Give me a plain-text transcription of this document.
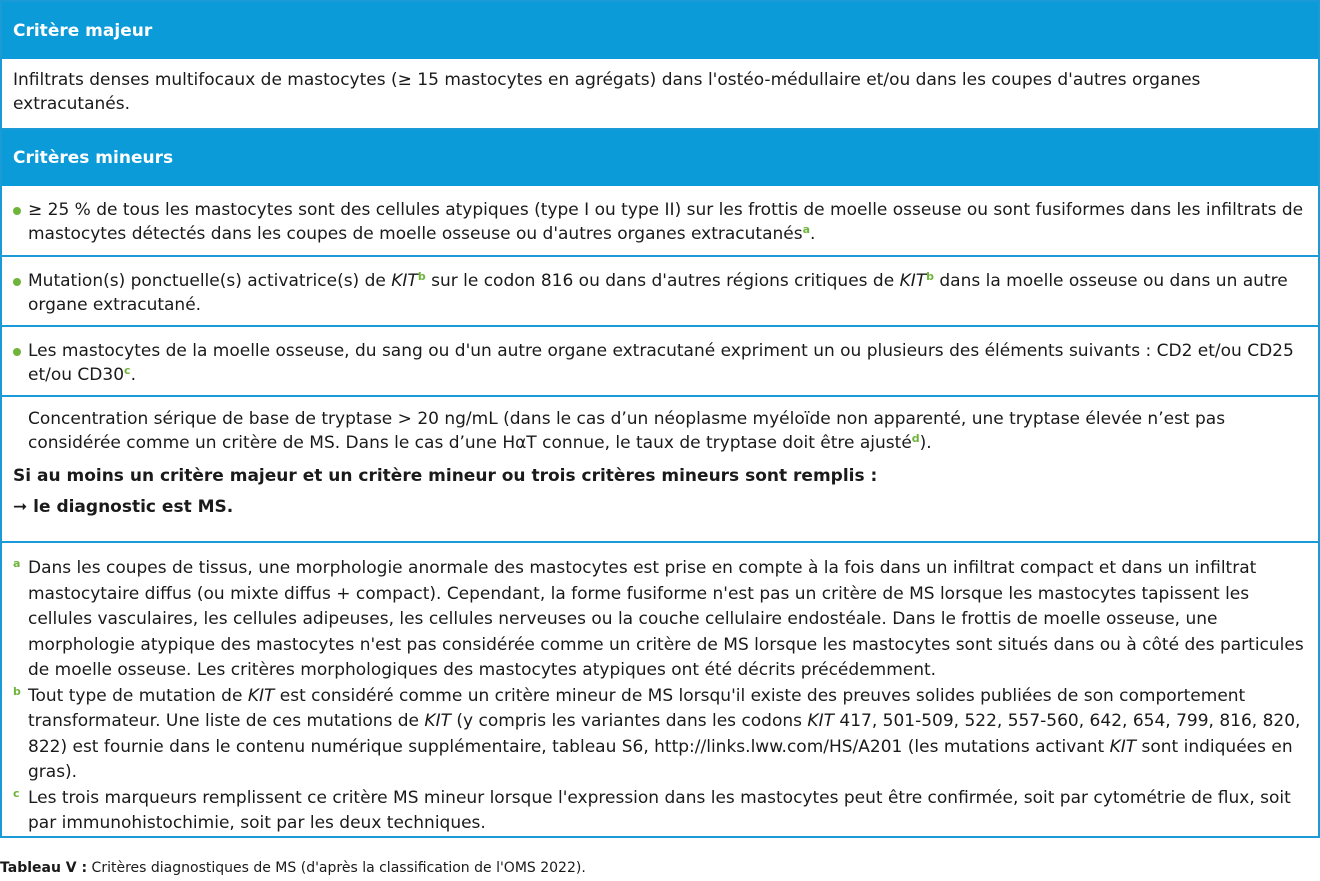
Critère majeur
Infiltrats denses multifocaux de mastocytes (≥ 15 mastocytes en agrégats) dans l'ostéo-médullaire et/ou dans les coupes d'autres organes extracutanés.
Critères mineurs
≥ 25 % de tous les mastocytes sont des cellules atypiques (type I ou type II) sur les frottis de moelle osseuse ou sont fusiformes dans les infiltrats de mastocytes détectés dans les coupes de moelle osseuse ou d'autres organes extracutanés$^a$.
Mutation(s) ponctuelle(s) activatrice(s) de KIT$^b$ sur le codon 816 ou dans d'autres régions critiques de KIT$^b$ dans la moelle osseuse ou dans un autre organe extracutané.
Les mastocytes de la moelle osseuse, du sang ou d'un autre organe extracutané expriment un ou plusieurs des éléments suivants : CD2 et/ou CD25 et/ou CD30$^c$.
Concentration sérique de base de tryptase > 20 ng/mL (dans le cas d’un néoplasme myéloïde non apparenté, une tryptase élevée n’est pas considérée comme un critère de MS. Dans le cas d’une HαT connue, le taux de tryptase doit être ajusté$^d$).
Si au moins un critère majeur et un critère mineur ou trois critères mineurs sont remplis :
➞ le diagnostic est MS.
a Dans les coupes de tissus, une morphologie anormale des mastocytes est prise en compte à la fois dans un infiltrat compact et dans un infiltrat mastocytaire diffus (ou mixte diffus + compact). Cependant, la forme fusiforme n'est pas un critère de MS lorsque les mastocytes tapissent les cellules vasculaires, les cellules adipeuses, les cellules nerveuses ou la couche cellulaire endostéale. Dans le frottis de moelle osseuse, une morphologie atypique des mastocytes n'est pas considérée comme un critère de MS lorsque les mastocytes sont situés dans ou à côté des particules de moelle osseuse. Les critères morphologiques des mastocytes atypiques ont été décrits précédemment.
b Tout type de mutation de KIT est considéré comme un critère mineur de MS lorsqu'il existe des preuves solides publiées de son comportement transformateur. Une liste de ces mutations de KIT (y compris les variantes dans les codons KIT 417, 501-509, 522, 557-560, 642, 654, 799, 816, 820, 822) est fournie dans le contenu numérique supplémentaire, tableau S6, http://links.lww.com/HS/A201 (les mutations activant KIT sont indiquées en gras).
c Les trois marqueurs remplissent ce critère MS mineur lorsque l'expression dans les mastocytes peut être confirmée, soit par cytométrie de flux, soit par immunohistochimie, soit par les deux techniques.
Tableau V : Critères diagnostiques de MS (d'après la classification de l'OMS 2022).
